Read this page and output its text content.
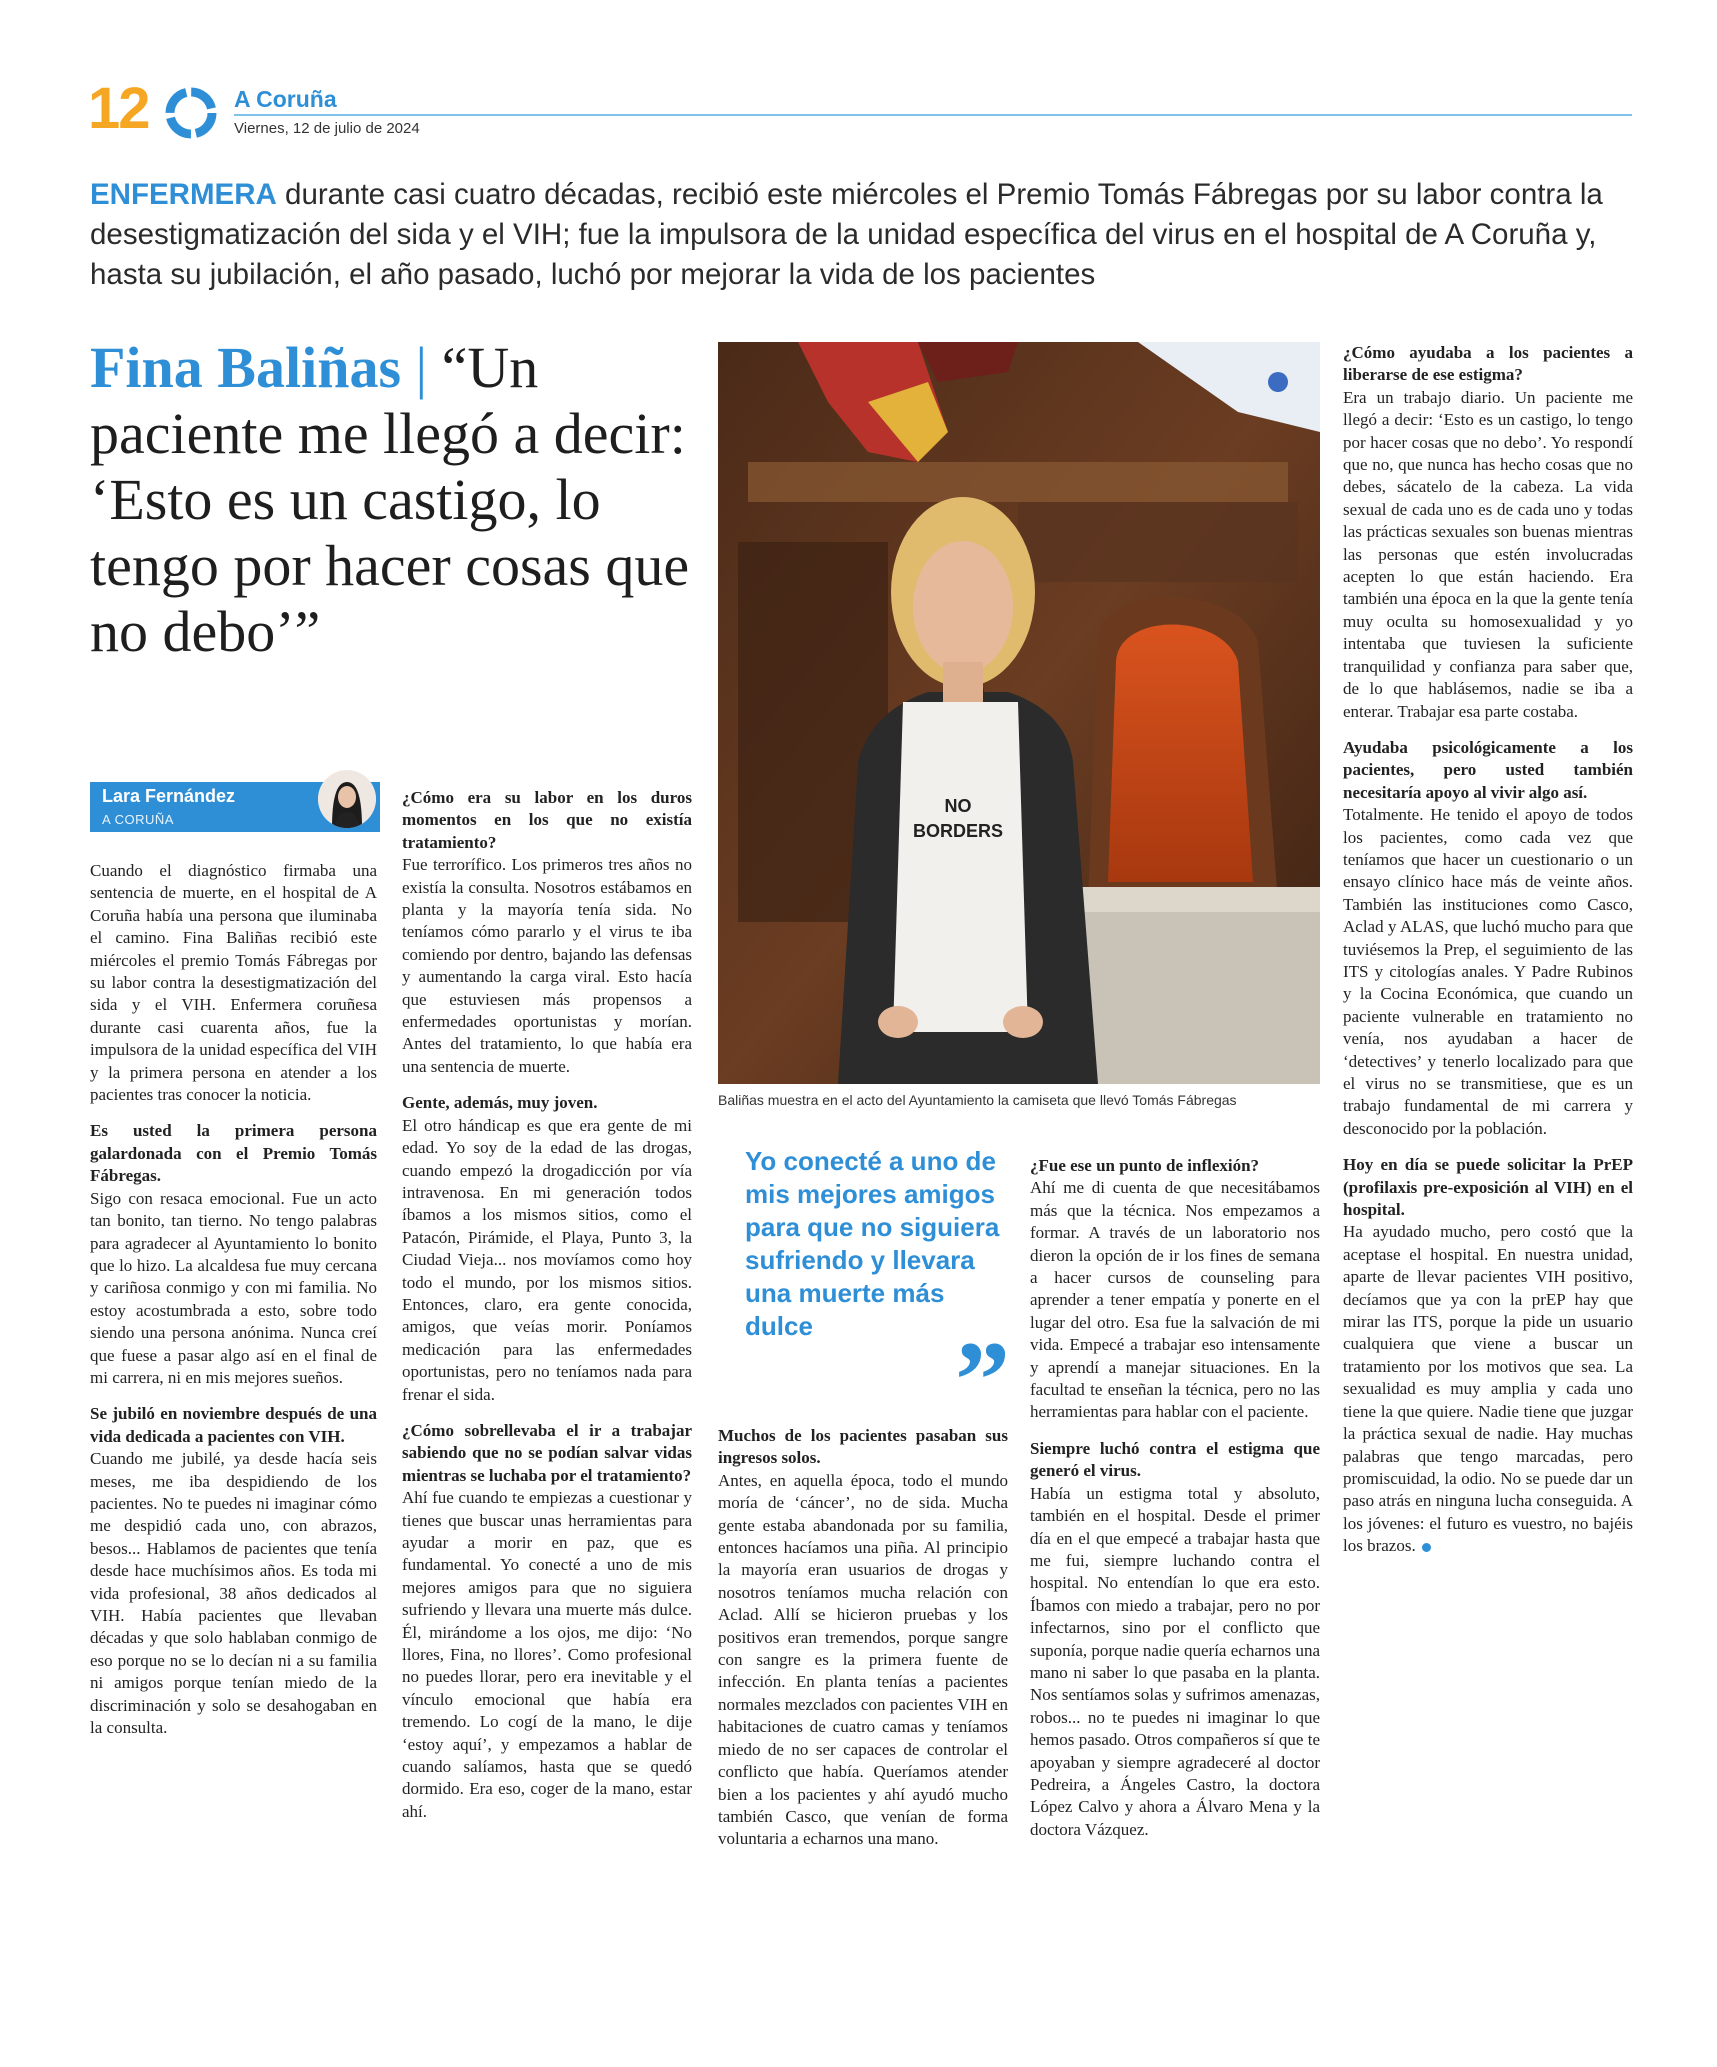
12	A Coruña
Viernes, 12 de julio de 2024
ENFERMERA durante casi cuatro décadas, recibió este miércoles el Premio Tomás Fábregas por su labor contra la desestigmatización del sida y el VIH; fue la impulsora de la unidad específica del virus en el hospital de A Coruña y, hasta su jubilación, el año pasado, luchó por mejorar la vida de los pacientes
Fina Baliñas | “Un paciente me llegó a decir: ‘Esto es un castigo, lo tengo por hacer cosas que no debo’”
Lara Fernández
A CORUÑA

Cuando el diagnóstico firmaba una sentencia de muerte, en el hospital de A Coruña había una persona que iluminaba el camino. Fina Baliñas recibió este miércoles el premio Tomás Fábregas por su labor contra la desestigmatización del sida y el VIH. Enfermera coruñesa durante casi cuarenta años, fue la impulsora de la unidad específica del VIH y la primera persona en atender a los pacientes tras conocer la noticia.

Es usted la primera persona galardonada con el Premio Tomás Fábregas.

Sigo con resaca emocional. Fue un acto tan bonito, tan tierno. No tengo palabras para agradecer al Ayuntamiento lo bonito que lo hizo. La alcaldesa fue muy cercana y cariñosa conmigo y con mi familia. No estoy acostumbrada a esto, sobre todo siendo una persona anónima. Nunca creí que fuese a pasar algo así en el final de mi carrera, ni en mis mejores sueños.

Se jubiló en noviembre después de una vida dedicada a pacientes con VIH.

Cuando me jubilé, ya desde hacía seis meses, me iba despidiendo de los pacientes. No te puedes ni imaginar cómo me despidió cada uno, con abrazos, besos... Hablamos de pacientes que tenía desde hace muchísimos años. Es toda mi vida profesional, 38 años dedicados al VIH. Había pacientes que llevaban décadas y que solo hablaban conmigo de eso porque no se lo decían ni a su familia ni amigos porque tenían miedo de la discriminación y solo se desahogaban en la consulta.

¿Cómo era su labor en los duros momentos en los que no existía tratamiento?

Fue terrorífico. Los primeros tres años no existía la consulta. Nosotros estábamos en planta y la mayoría tenía sida. No teníamos cómo pararlo y el virus te iba comiendo por dentro, bajando las defensas y aumentando la carga viral. Esto hacía que estuviesen más propensos a enfermedades oportunistas y morían. Antes del tratamiento, lo que había era una sentencia de muerte.

Gente, además, muy joven.

El otro hándicap es que era gente de mi edad. Yo soy de la edad de las drogas, cuando empezó la drogadicción por vía intravenosa. En mi generación todos íbamos a los mismos sitios, como el Patacón, Pirámide, el Playa, Punto 3, la Ciudad Vieja... nos movíamos como hoy todo el mundo, por los mismos sitios. Entonces, claro, era gente conocida, amigos, que veías morir. Poníamos medicación para las enfermedades oportunistas, pero no teníamos nada para frenar el sida.

¿Cómo sobrellevaba el ir a trabajar sabiendo que no se podían salvar vidas mientras se luchaba por el tratamiento?

Ahí fue cuando te empiezas a cuestionar y tienes que buscar unas herramientas para ayudar a morir en paz, que es fundamental. Yo conecté a uno de mis mejores amigos para que no siguiera sufriendo y llevara una muerte más dulce. Él, mirándome a los ojos, me dijo: ‘No llores, Fina, no llores’. Como profesional no puedes llorar, pero era inevitable y el vínculo emocional que había era tremendo. Lo cogí de la mano, le dije ‘estoy aquí’, y empezamos a hablar de cuando salíamos, hasta que se quedó dormido. Era eso, coger de la mano, estar ahí.

NO
BORDERS
Baliñas muestra en el acto del Ayuntamiento la camiseta que llevó Tomás Fábregas
Yo conecté a uno de mis mejores amigos para que no siguiera sufriendo y llevara una muerte más dulce	”

Muchos de los pacientes pasaban sus ingresos solos.

Antes, en aquella época, todo el mundo moría de ‘cáncer’, no de sida. Mucha gente estaba abandonada por su familia, entonces hacíamos una piña. Al principio la mayoría eran usuarios de drogas y nosotros teníamos mucha relación con Aclad. Allí se hicieron pruebas y los positivos eran tremendos, porque sangre con sangre es la primera fuente de infección. En planta tenías a pacientes normales mezclados con pacientes VIH en habitaciones de cuatro camas y teníamos miedo de no ser capaces de controlar el conflicto que había. Queríamos atender bien a los pacientes y ahí ayudó mucho también Casco, que venían de forma voluntaria a echarnos una mano.

¿Fue ese un punto de inflexión?

Ahí me di cuenta de que necesitábamos más que la técnica. Nos empezamos a formar. A través de un laboratorio nos dieron la opción de ir los fines de semana a hacer cursos de counseling para aprender a tener empatía y ponerte en el lugar del otro. Esa fue la salvación de mi vida. Empecé a trabajar eso intensamente y aprendí a manejar situaciones. En la facultad te enseñan la técnica, pero no las herramientas para hablar con el paciente.

Siempre luchó contra el estigma que generó el virus.

Había un estigma total y absoluto, también en el hospital. Desde el primer día en el que empecé a trabajar hasta que me fui, siempre luchando contra el hospital. No entendían lo que era esto. Íbamos con miedo a trabajar, pero no por infectarnos, sino por el conflicto que suponía, porque nadie quería echarnos una mano ni saber lo que pasaba en la planta. Nos sentíamos solas y sufrimos amenazas, robos... no te puedes ni imaginar lo que hemos pasado. Otros compañeros sí que te apoyaban y siempre agradeceré al doctor Pedreira, a Ángeles Castro, la doctora López Calvo y ahora a Álvaro Mena y la doctora Vázquez.

¿Cómo ayudaba a los pacientes a liberarse de ese estigma?

Era un trabajo diario. Un paciente me llegó a decir: ‘Esto es un castigo, lo tengo por hacer cosas que no debo’. Yo respondí que no, que nunca has hecho cosas que no debes, sácatelo de la cabeza. La vida sexual de cada uno es de cada uno y todas las prácticas sexuales son buenas mientras las personas que estén involucradas acepten lo que están haciendo. Era también una época en la que la gente tenía muy oculta su homosexualidad y yo intentaba que tuviesen la suficiente tranquilidad y confianza para saber que, de lo que hablásemos, nadie se iba a enterar. Trabajar esa parte costaba.

Ayudaba psicológicamente a los pacientes, pero usted también necesitaría apoyo al vivir algo así.

Totalmente. He tenido el apoyo de todos los pacientes, como cada vez que teníamos que hacer un cuestionario o un ensayo clínico hace más de veinte años. También las instituciones como Casco, Aclad y ALAS, que luchó mucho para que tuviésemos la Prep, el seguimiento de las ITS y citologías anales. Y Padre Rubinos y la Cocina Económica, que cuando un paciente vulnerable en tratamiento no venía, nos ayudaban a hacer de ‘detectives’ y tenerlo localizado para que el virus no se transmitiese, que es un trabajo fundamental de mi carrera y desconocido por la población.

Hoy en día se puede solicitar la PrEP (profilaxis pre-exposición al VIH) en el hospital.

Ha ayudado mucho, pero costó que la aceptase el hospital. En nuestra unidad, aparte de llevar pacientes VIH positivo, decíamos que ya con la prEP hay que mirar las ITS, porque la pide un usuario cualquiera que viene a buscar un tratamiento por los motivos que sea. La sexualidad es muy amplia y cada uno tiene la que quiere. Nadie tiene que juzgar la práctica sexual de nadie. Hay muchas palabras que tengo marcadas, pero promiscuidad, la odio. No se puede dar un paso atrás en ninguna lucha conseguida. A los jóvenes: el futuro es vuestro, no bajéis los brazos.
